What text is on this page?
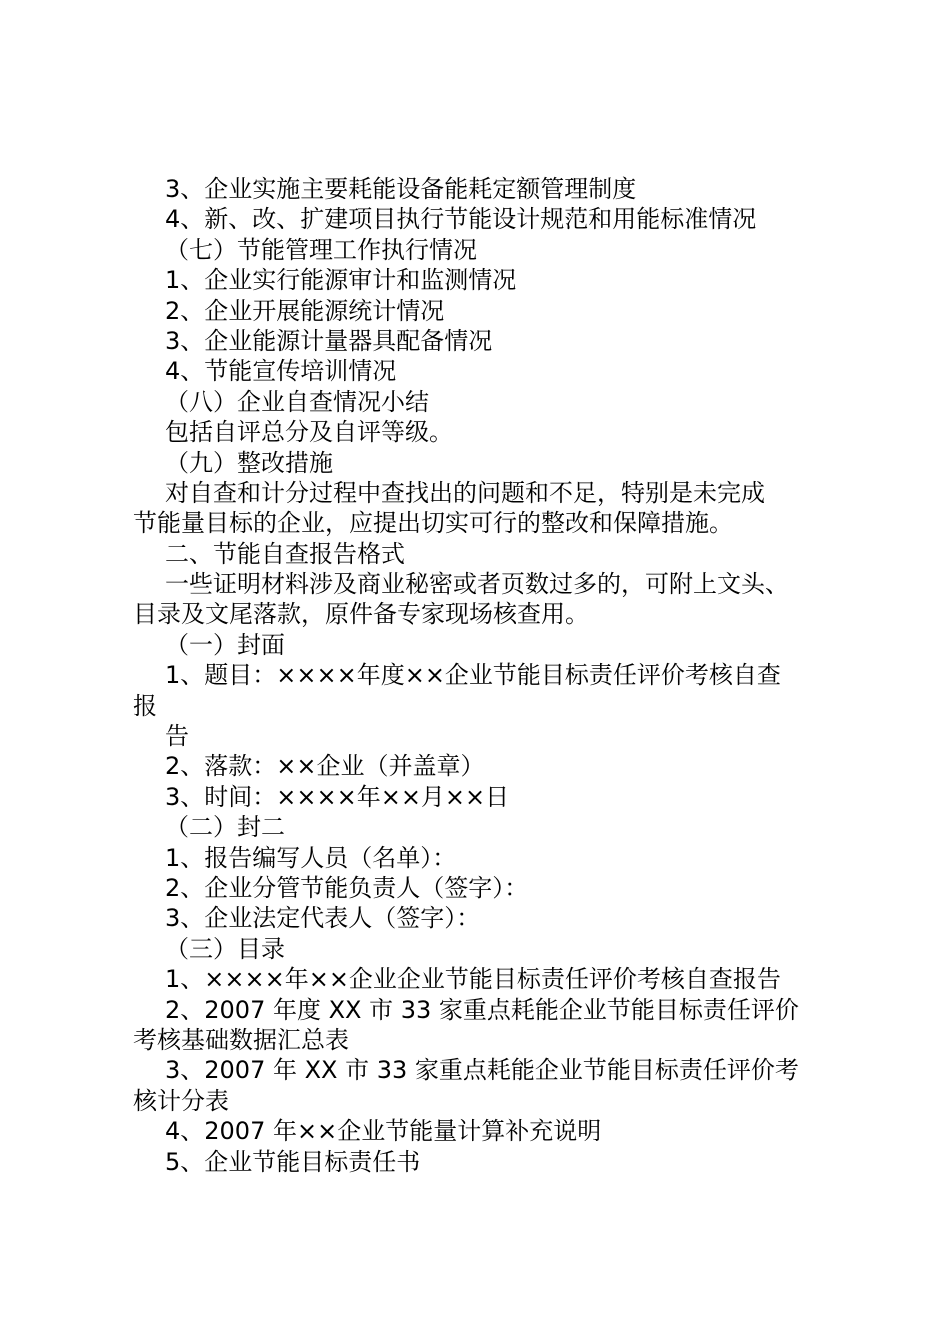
3、企业实施主要耗能设备能耗定额管理制度
4、新、改、扩建项目执行节能设计规范和用能标准情况
（七）节能管理工作执行情况
1、企业实行能源审计和监测情况
2、企业开展能源统计情况
3、企业能源计量器具配备情况
4、节能宣传培训情况
（八）企业自查情况小结
包括自评总分及自评等级。
（九）整改措施
对自查和计分过程中查找出的问题和不足，特别是未完成
节能量目标的企业，应提出切实可行的整改和保障措施。
二、节能自查报告格式
一些证明材料涉及商业秘密或者页数过多的，可附上文头、
目录及文尾落款，原件备专家现场核查用。
（一）封面
1、题目：××××年度××企业节能目标责任评价考核自查
报
告
2、落款：××企业（并盖章）
3、时间：××××年××月××日
（二）封二
1、报告编写人员（名单）：
2、企业分管节能负责人（签字）：
3、企业法定代表人（签字）：
（三）目录
1、××××年××企业企业节能目标责任评价考核自查报告
2、2007 年度 XX 市 33 家重点耗能企业节能目标责任评价
考核基础数据汇总表
3、2007 年 XX 市 33 家重点耗能企业节能目标责任评价考
核计分表
4、2007 年××企业节能量计算补充说明
5、企业节能目标责任书
